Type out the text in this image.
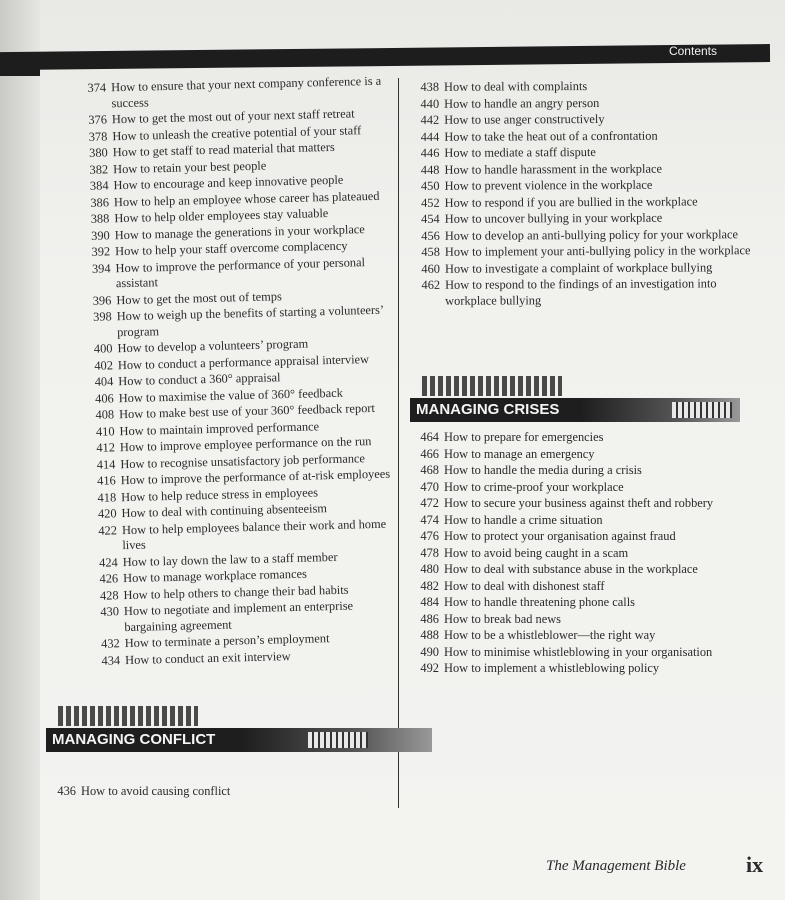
Contents
374 How to ensure that your next company conference is a success
376 How to get the most out of your next staff retreat
378 How to unleash the creative potential of your staff
380 How to get staff to read material that matters
382 How to retain your best people
384 How to encourage and keep innovative people
386 How to help an employee whose career has plateaued
388 How to help older employees stay valuable
390 How to manage the generations in your workplace
392 How to help your staff overcome complacency
394 How to improve the performance of your personal assistant
396 How to get the most out of temps
398 How to weigh up the benefits of starting a volunteers’ program
400 How to develop a volunteers’ program
402 How to conduct a performance appraisal interview
404 How to conduct a 360° appraisal
406 How to maximise the value of 360° feedback
408 How to make best use of your 360° feedback report
410 How to maintain improved performance
412 How to improve employee performance on the run
414 How to recognise unsatisfactory job performance
416 How to improve the performance of at-risk employees
418 How to help reduce stress in employees
420 How to deal with continuing absenteeism
422 How to help employees balance their work and home lives
424 How to lay down the law to a staff member
426 How to manage workplace romances
428 How to help others to change their bad habits
430 How to negotiate and implement an enterprise bargaining agreement
432 How to terminate a person’s employment
434 How to conduct an exit interview
MANAGING CONFLICT
436 How to avoid causing conflict
438 How to deal with complaints
440 How to handle an angry person
442 How to use anger constructively
444 How to take the heat out of a confrontation
446 How to mediate a staff dispute
448 How to handle harassment in the workplace
450 How to prevent violence in the workplace
452 How to respond if you are bullied in the workplace
454 How to uncover bullying in your workplace
456 How to develop an anti-bullying policy for your workplace
458 How to implement your anti-bullying policy in the workplace
460 How to investigate a complaint of workplace bullying
462 How to respond to the findings of an investigation into workplace bullying
MANAGING CRISES
464 How to prepare for emergencies
466 How to manage an emergency
468 How to handle the media during a crisis
470 How to crime-proof your workplace
472 How to secure your business against theft and robbery
474 How to handle a crime situation
476 How to protect your organisation against fraud
478 How to avoid being caught in a scam
480 How to deal with substance abuse in the workplace
482 How to deal with dishonest staff
484 How to handle threatening phone calls
486 How to break bad news
488 How to be a whistleblower—the right way
490 How to minimise whistleblowing in your organisation
492 How to implement a whistleblowing policy
The Management Bible	ix
